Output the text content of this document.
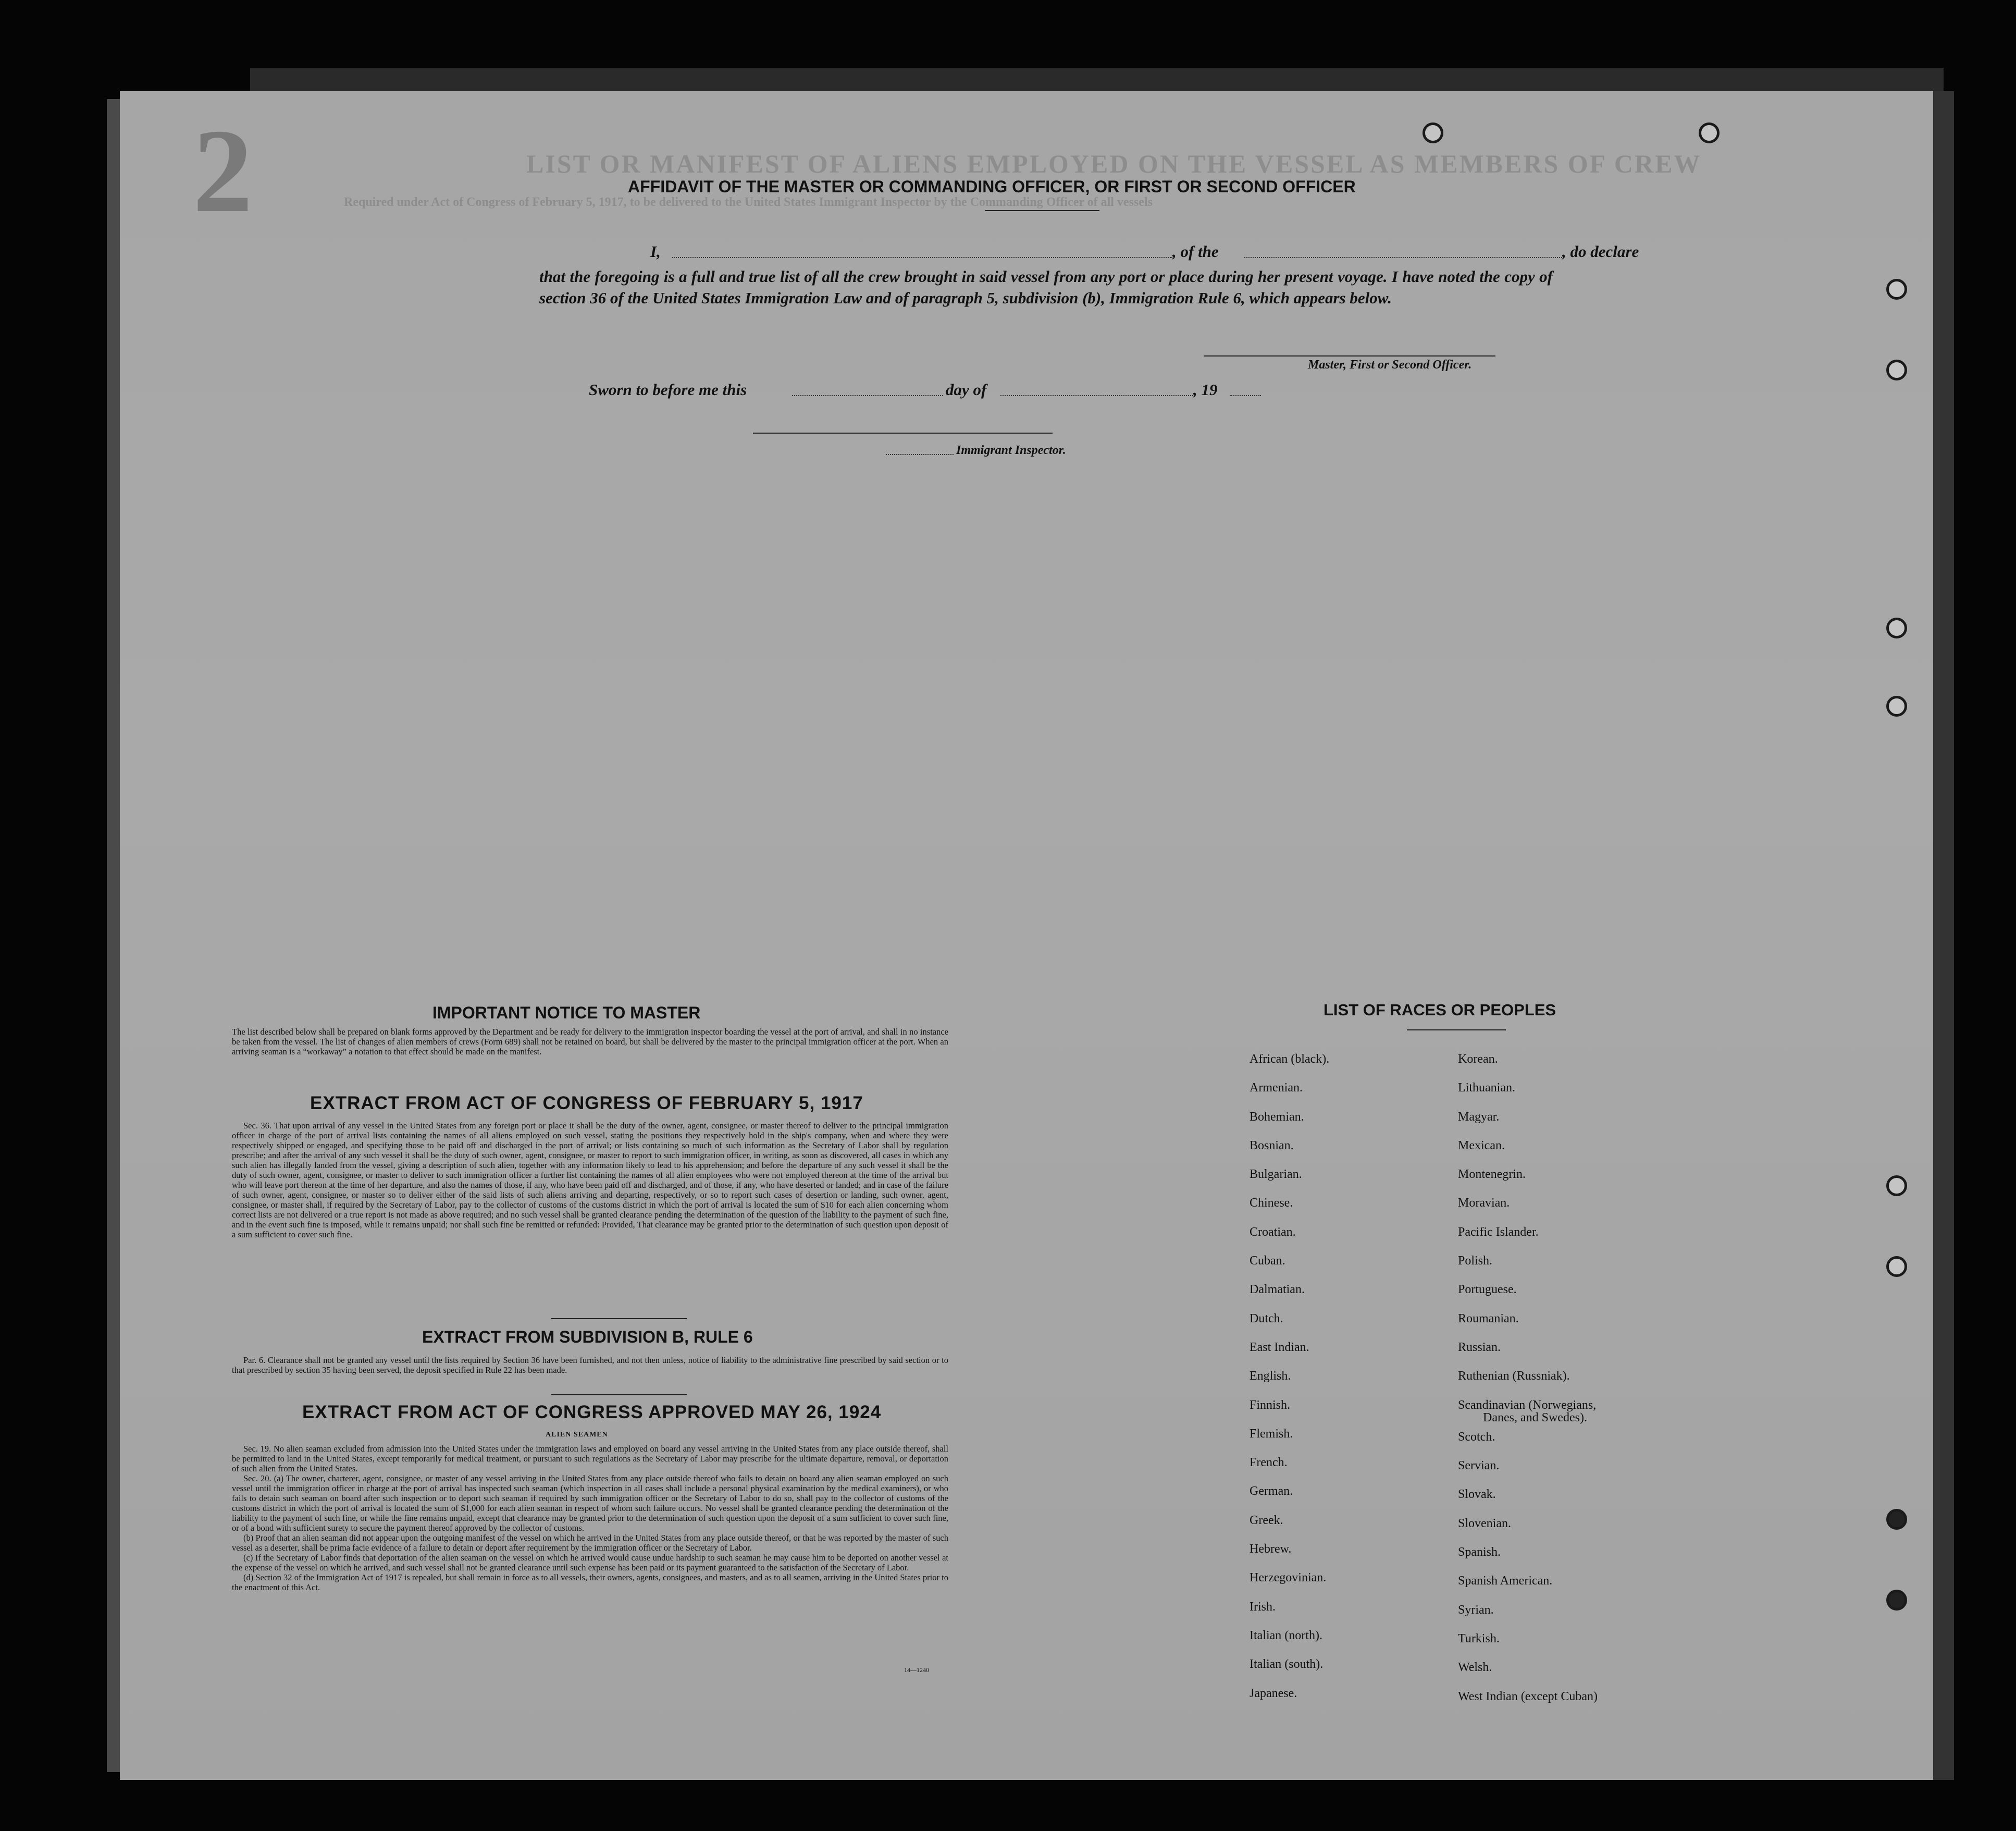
LIST OR MANIFEST OF ALIENS EMPLOYED ON THE VESSEL AS MEMBERS OF CREW
Required under Act of Congress of February 5, 1917, to be delivered to the United States Immigrant Inspector by the Commanding Officer of all vessels
2	AFFIDAVIT OF THE MASTER OR COMMANDING OFFICER, OR FIRST OR SECOND OFFICER
I,	, of the	, do declare
that the foregoing is a full and true list of all the crew brought in said vessel from any port or place during her present voyage. I have noted the copy of section 36 of the United States Immigration Law and of paragraph 5, subdivision (b), Immigration Rule 6, which appears below.
Master, First or Second Officer.
Sworn to before me this	day of	, 19
Immigrant Inspector.
IMPORTANT NOTICE TO MASTER
The list described below shall be prepared on blank forms approved by the Department and be ready for delivery to the immigration inspector boarding the vessel at the port of arrival, and shall in no instance be taken from the vessel. The list of changes of alien members of crews (Form 689) shall not be retained on board, but shall be delivered by the master to the principal immigration officer at the port. When an arriving seaman is a “workaway” a notation to that effect should be made on the manifest.
EXTRACT FROM ACT OF CONGRESS OF FEBRUARY 5, 1917
Sec. 36. That upon arrival of any vessel in the United States from any foreign port or place it shall be the duty of the owner, agent, consignee, or master thereof to deliver to the principal immigration officer in charge of the port of arrival lists containing the names of all aliens employed on such vessel, stating the positions they respectively hold in the ship's company, when and where they were respectively shipped or engaged, and specifying those to be paid off and discharged in the port of arrival; or lists containing so much of such information as the Secretary of Labor shall by regulation prescribe; and after the arrival of any such vessel it shall be the duty of such owner, agent, consignee, or master to report to such immigration officer, in writing, as soon as discovered, all cases in which any such alien has illegally landed from the vessel, giving a description of such alien, together with any information likely to lead to his apprehension; and before the departure of any such vessel it shall be the duty of such owner, agent, consignee, or master to deliver to such immigration officer a further list containing the names of all alien employees who were not employed thereon at the time of the arrival but who will leave port thereon at the time of her departure, and also the names of those, if any, who have been paid off and discharged, and of those, if any, who have deserted or landed; and in case of the failure of such owner, agent, consignee, or master so to deliver either of the said lists of such aliens arriving and departing, respectively, or so to report such cases of desertion or landing, such owner, agent, consignee, or master shall, if required by the Secretary of Labor, pay to the collector of customs of the customs district in which the port of arrival is located the sum of $10 for each alien concerning whom correct lists are not delivered or a true report is not made as above required; and no such vessel shall be granted clearance pending the determination of the question of the liability to the payment of such fine, and in the event such fine is imposed, while it remains unpaid; nor shall such fine be remitted or refunded: Provided, That clearance may be granted prior to the determination of such question upon deposit of a sum sufficient to cover such fine.
EXTRACT FROM SUBDIVISION B, RULE 6
Par. 6. Clearance shall not be granted any vessel until the lists required by Section 36 have been furnished, and not then unless, notice of liability to the administrative fine prescribed by said section or to that prescribed by section 35 having been served, the deposit specified in Rule 22 has been made.
EXTRACT FROM ACT OF CONGRESS APPROVED MAY 26, 1924
ALIEN SEAMEN
Sec. 19. No alien seaman excluded from admission into the United States under the immigration laws and employed on board any vessel arriving in the United States from any place outside thereof, shall be permitted to land in the United States, except temporarily for medical treatment, or pursuant to such regulations as the Secretary of Labor may prescribe for the ultimate departure, removal, or deportation of such alien from the United States.
Sec. 20. (a) The owner, charterer, agent, consignee, or master of any vessel arriving in the United States from any place outside thereof who fails to detain on board any alien seaman employed on such vessel until the immigration officer in charge at the port of arrival has inspected such seaman (which inspection in all cases shall include a personal physical examination by the medical examiners), or who fails to detain such seaman on board after such inspection or to deport such seaman if required by such immigration officer or the Secretary of Labor to do so, shall pay to the collector of customs of the customs district in which the port of arrival is located the sum of $1,000 for each alien seaman in respect of whom such failure occurs. No vessel shall be granted clearance pending the determination of the liability to the payment of such fine, or while the fine remains unpaid, except that clearance may be granted prior to the determination of such question upon the deposit of a sum sufficient to cover such fine, or of a bond with sufficient surety to secure the payment thereof approved by the collector of customs.
(b) Proof that an alien seaman did not appear upon the outgoing manifest of the vessel on which he arrived in the United States from any place outside thereof, or that he was reported by the master of such vessel as a deserter, shall be prima facie evidence of a failure to detain or deport after requirement by the immigration officer or the Secretary of Labor.
(c) If the Secretary of Labor finds that deportation of the alien seaman on the vessel on which he arrived would cause undue hardship to such seaman he may cause him to be deported on another vessel at the expense of the vessel on which he arrived, and such vessel shall not be granted clearance until such expense has been paid or its payment guaranteed to the satisfaction of the Secretary of Labor.
(d) Section 32 of the Immigration Act of 1917 is repealed, but shall remain in force as to all vessels, their owners, agents, consignees, and masters, and as to all seamen, arriving in the United States prior to the enactment of this Act.
14—1240
LIST OF RACES OR PEOPLES
African (black).
Armenian.
Bohemian.
Bosnian.
Bulgarian.
Chinese.
Croatian.
Cuban.
Dalmatian.
Dutch.
East Indian.
English.
Finnish.
Flemish.
French.
German.
Greek.
Hebrew.
Herzegovinian.
Irish.
Italian (north).
Italian (south).
Japanese.
Korean.
Lithuanian.
Magyar.
Mexican.
Montenegrin.
Moravian.
Pacific Islander.
Polish.
Portuguese.
Roumanian.
Russian.
Ruthenian (Russniak).
Scandinavian (Norwegians,
Danes, and Swedes).
Scotch.
Servian.
Slovak.
Slovenian.
Spanish.
Spanish American.
Syrian.
Turkish.
Welsh.
West Indian (except Cuban)
